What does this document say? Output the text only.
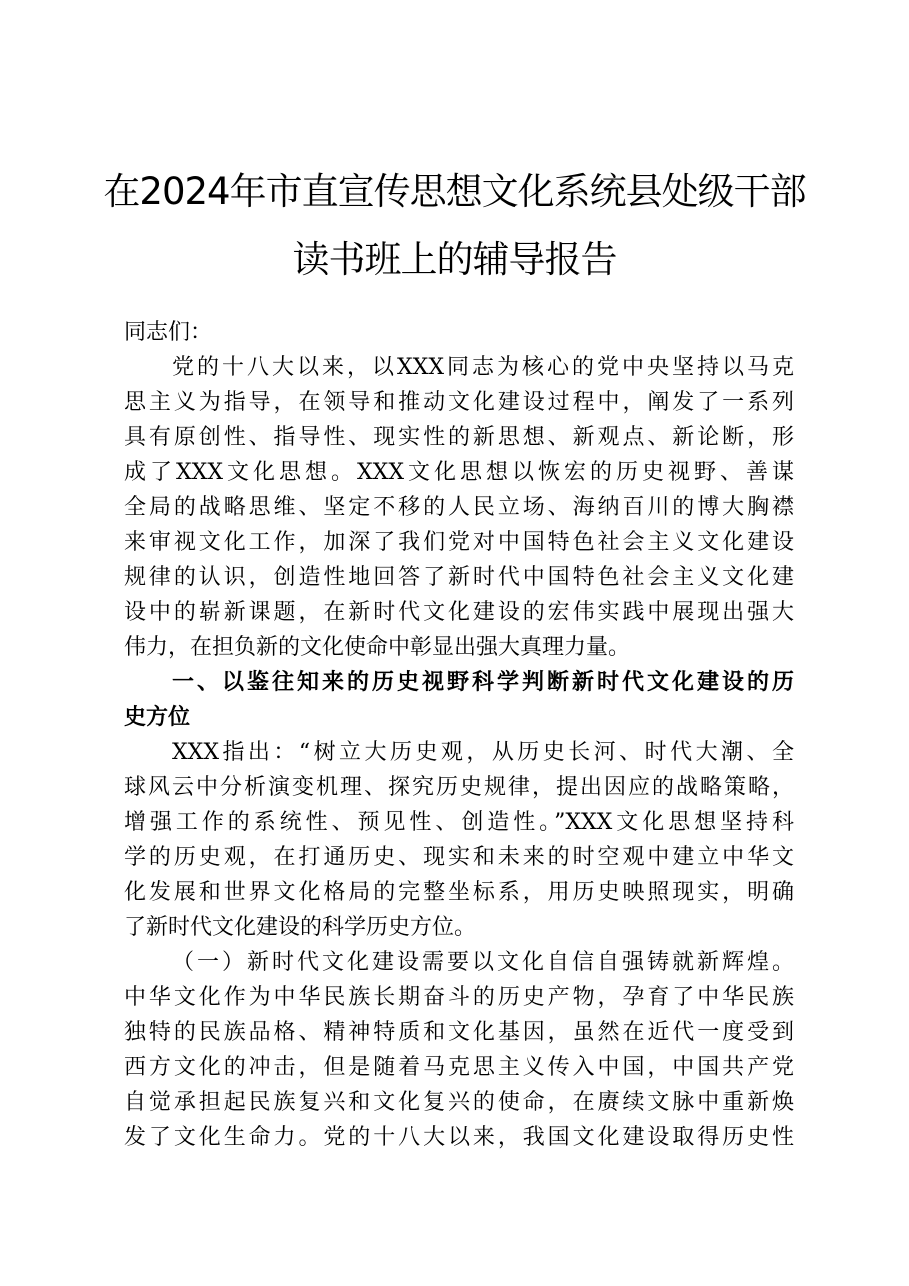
在2024年市直宣传思想文化系统县处级干部
读书班上的辅导报告
同志们：
党的十八大以来，以XXX同志为核心的党中央坚持以马克
思主义为指导，在领导和推动文化建设过程中，阐发了一系列
具有原创性、指导性、现实性的新思想、新观点、新论断，形
成了XXX文化思想。XXX文化思想以恢宏的历史视野、善谋
全局的战略思维、坚定不移的人民立场、海纳百川的博大胸襟
来审视文化工作，加深了我们党对中国特色社会主义文化建设
规律的认识，创造性地回答了新时代中国特色社会主义文化建
设中的崭新课题，在新时代文化建设的宏伟实践中展现出强大
伟力，在担负新的文化使命中彰显出强大真理力量。
一、以鉴往知来的历史视野科学判断新时代文化建设的历
史方位
XXX指出：“树立大历史观，从历史长河、时代大潮、全
球风云中分析演变机理、探究历史规律，提出因应的战略策略，
增强工作的系统性、预见性、创造性。”XXX文化思想坚持科
学的历史观，在打通历史、现实和未来的时空观中建立中华文
化发展和世界文化格局的完整坐标系，用历史映照现实，明确
了新时代文化建设的科学历史方位。
（一）新时代文化建设需要以文化自信自强铸就新辉煌。
中华文化作为中华民族长期奋斗的历史产物，孕育了中华民族
独特的民族品格、精神特质和文化基因，虽然在近代一度受到
西方文化的冲击，但是随着马克思主义传入中国，中国共产党
自觉承担起民族复兴和文化复兴的使命，在赓续文脉中重新焕
发了文化生命力。党的十八大以来，我国文化建设取得历史性
